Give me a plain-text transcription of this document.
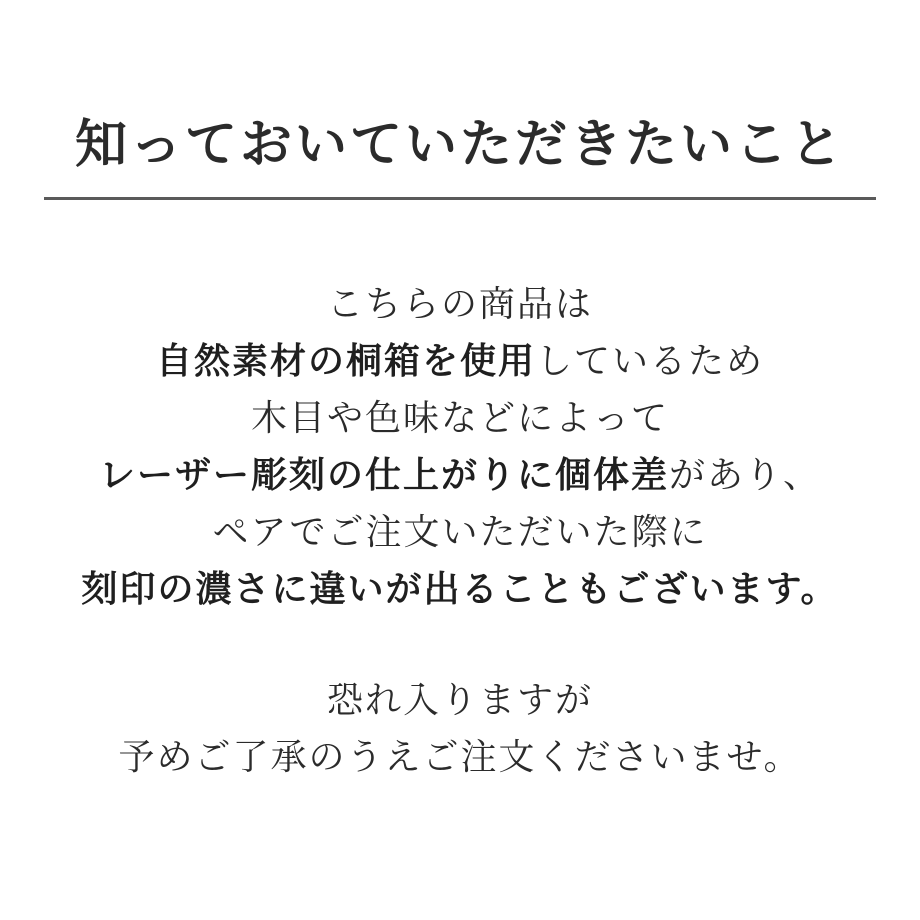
知っておいていただきたいこと

こちらの商品は

自然素材の桐箱を使用しているため

木目や色味などによって

レーザー彫刻の仕上がりに個体差があり、

ペアでご注文いただいた際に

刻印の濃さに違いが出ることもございます。

恐れ入りますが

予めご了承のうえご注文くださいませ。
